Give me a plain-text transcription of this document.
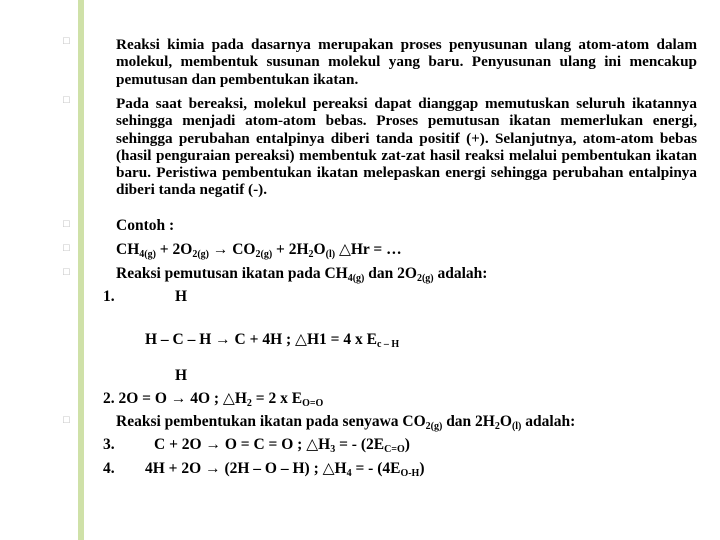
□
□
□
□
□
□
Reaksi kimia pada dasarnya merupakan proses penyusunan ulang atom-atom dalam molekul, membentuk susunan molekul yang baru. Penyusunan ulang ini mencakup pemutusan dan pembentukan ikatan.
Pada saat bereaksi, molekul pereaksi dapat dianggap memutuskan seluruh ikatannya sehingga menjadi atom-atom bebas. Proses pemutusan ikatan memerlukan energi, sehingga perubahan entalpinya diberi tanda positif (+). Selanjutnya, atom-atom bebas (hasil penguraian pereaksi) membentuk zat-zat hasil reaksi melalui pembentukan ikatan baru. Peristiwa pembentukan ikatan melepaskan energi sehingga perubahan entalpinya diberi tanda negatif (-).
Contoh :
$CH_{4(g)} + 2O_{2(g)} \to CO_{2(g)} + 2H_2O_{(l)}$ △Hr = …
Reaksi pemutusan ikatan pada $CH_{4(g)}$ dan $2O_{2(g)}$ adalah:
1.	H
H – C – H → C + 4H ; △H1 = 4 x $E_{c - H}$
H
2. 2O = O → 4O ; $\triangle H_2 = 2$ x $E_{O=O}$
Reaksi pembentukan ikatan pada senyawa $CO_{2(g)}$ dan $2H_2O_{(l)}$ adalah:
3.	C + 2O → O = C = O ; $\triangle H_3$ = - $(2E_{C=O})$
4. 4H + 2O → (2H – O – H) ; $\triangle H_4$ = - $(4E_{O-H})$
